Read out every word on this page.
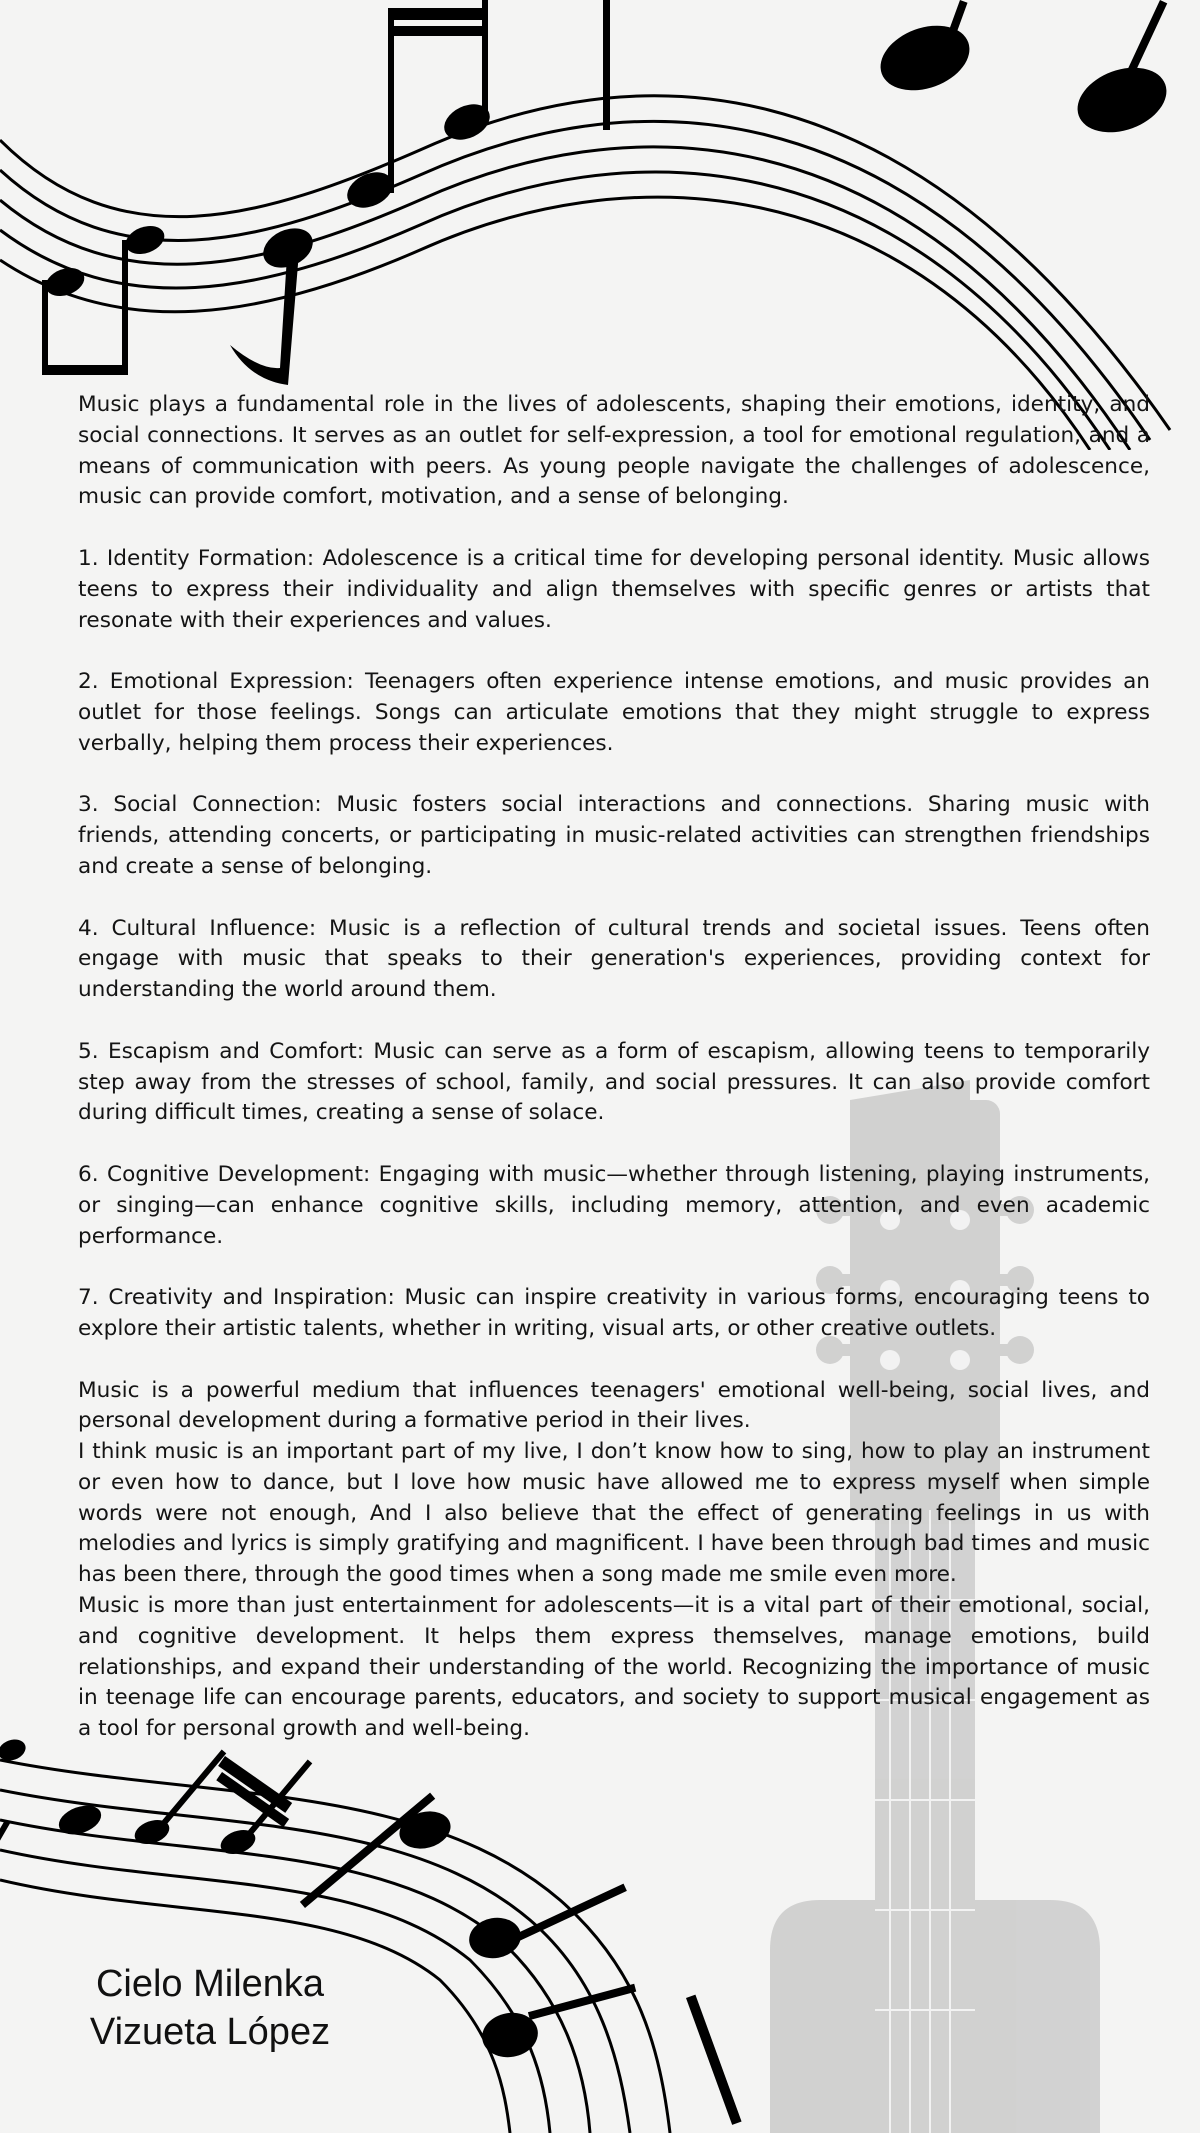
Music plays a fundamental role in the lives of adolescents, shaping their emotions, identity, and social connections. It serves as an outlet for self-expression, a tool for emotional regulation, and a means of communication with peers. As young people navigate the challenges of adolescence, music can provide comfort, motivation, and a sense of belonging.

1. Identity Formation: Adolescence is a critical time for developing personal identity. Music allows teens to express their individuality and align themselves with specific genres or artists that resonate with their experiences and values.

2. Emotional Expression: Teenagers often experience intense emotions, and music provides an outlet for those feelings. Songs can articulate emotions that they might struggle to express verbally, helping them process their experiences.

3. Social Connection: Music fosters social interactions and connections. Sharing music with friends, attending concerts, or participating in music-related activities can strengthen friendships and create a sense of belonging.

4. Cultural Influence: Music is a reflection of cultural trends and societal issues. Teens often engage with music that speaks to their generation's experiences, providing context for understanding the world around them.

5. Escapism and Comfort: Music can serve as a form of escapism, allowing teens to temporarily step away from the stresses of school, family, and social pressures. It can also provide comfort during difficult times, creating a sense of solace.

6. Cognitive Development: Engaging with music—whether through listening, playing instruments, or singing—can enhance cognitive skills, including memory, attention, and even academic performance.

7. Creativity and Inspiration: Music can inspire creativity in various forms, encouraging teens to explore their artistic talents, whether in writing, visual arts, or other creative outlets.

Music is a powerful medium that influences teenagers' emotional well-being, social lives, and personal development during a formative period in their lives.

I think music is an important part of my live, I don’t know how to sing, how to play an instrument or even how to dance, but I love how music have allowed me to express myself when simple words were not enough, And I also believe that the effect of generating feelings in us with melodies and lyrics is simply gratifying and magnificent. I have been through bad times and music has been there, through the good times when a song made me smile even more.

Music is more than just entertainment for adolescents—it is a vital part of their emotional, social, and cognitive development. It helps them express themselves, manage emotions, build relationships, and expand their understanding of the world. Recognizing the importance of music in teenage life can encourage parents, educators, and society to support musical engagement as a tool for personal growth and well-being.

Cielo Milenka
Vizueta López
